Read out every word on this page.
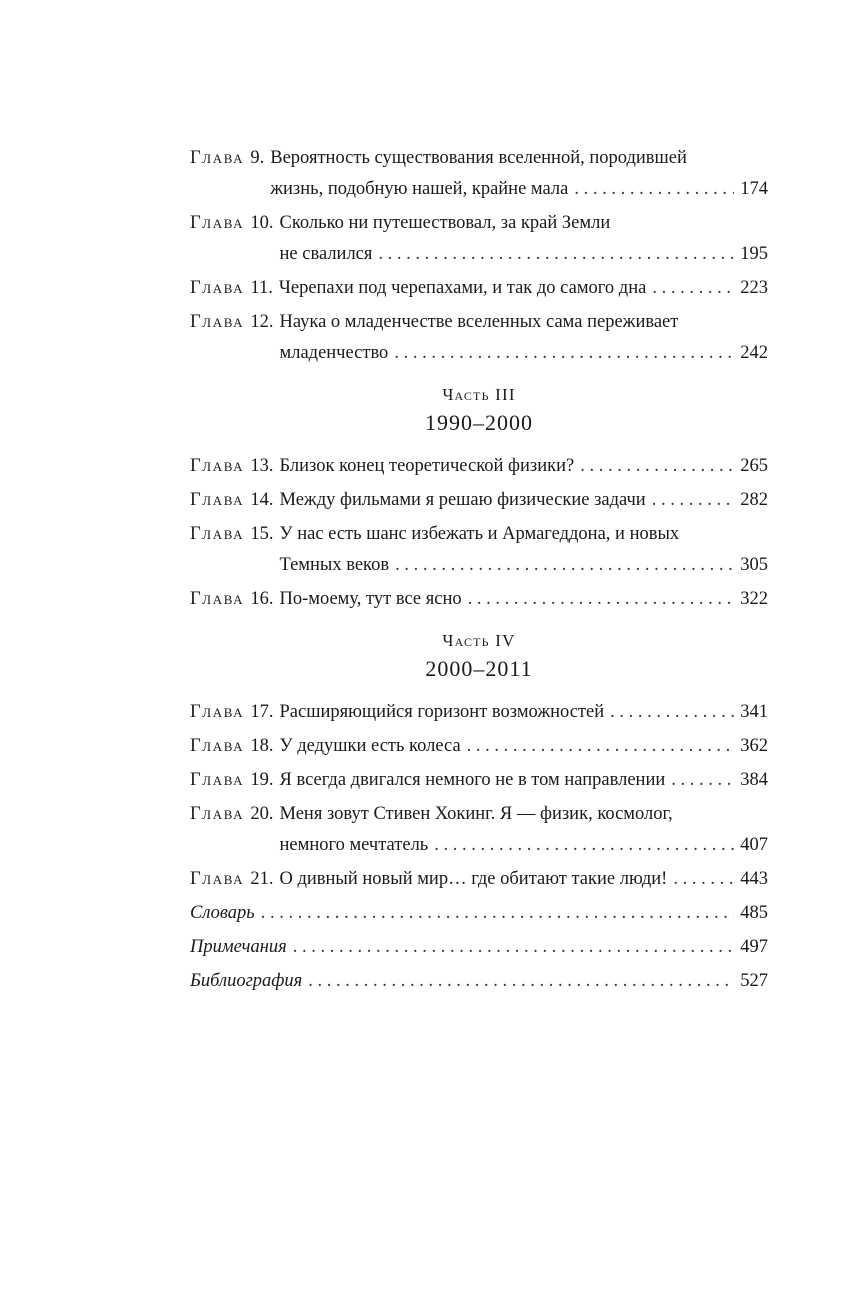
Глава 9. Вероятность существования вселенной, породившей
жизнь, подобную нашей, крайне мала . . .	174
Глава 10. Сколько ни путешествовал, за край Земли
не свалился . . .	195
Глава 11. Черепахи под черепахами, и так до самого дна . . .	223
Глава 12. Наука о младенчестве вселенных сама переживает
младенчество . . .	242
Часть III
1990–2000
Глава 13. Близок конец теоретической физики? . . .	265
Глава 14. Между фильмами я решаю физические задачи . . .	282
Глава 15. У нас есть шанс избежать и Армагеддона, и новых
Темных веков . . .	305
Глава 16. По-моему, тут все ясно . . .	322
Часть IV
2000–2011
Глава 17. Расширяющийся горизонт возможностей . . .	341
Глава 18. У дедушки есть колеса . . .	362
Глава 19. Я всегда двигался немного не в том направлении . . .	384
Глава 20. Меня зовут Стивен Хокинг. Я — физик, космолог,
немного мечтатель . . .	407
Глава 21. О дивный новый мир… где обитают такие люди! . . .	443
Словарь . . .	485
Примечания . . .	497
Библиография . . .	527
